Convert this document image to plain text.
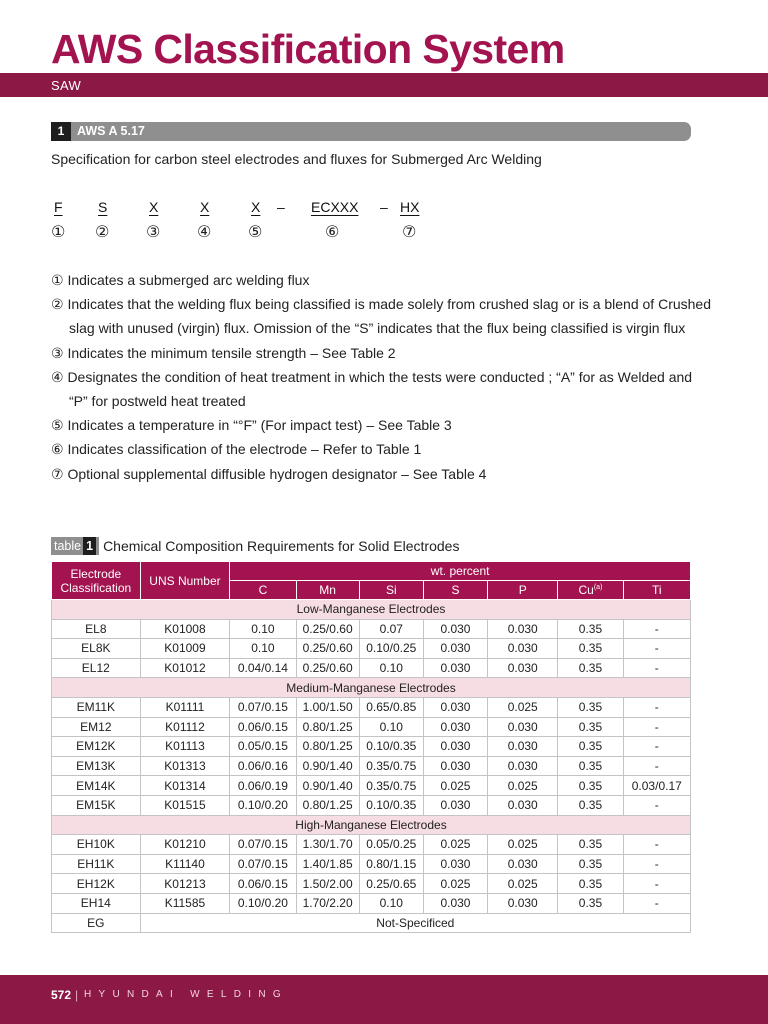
AWS Classification System
SAW
1	AWS A 5.17
Specification for carbon steel electrodes and fluxes for Submerged Arc Welding
F	S	X	X	X – ECXXX – HX
① ② ③ ④ ⑤	⑥	⑦
① Indicates a submerged arc welding flux
② Indicates that the welding flux being classified is made solely from crushed slag or is a blend of Crushed slag with unused (virgin) flux. Omission of the “S” indicates that the flux being classified is virgin flux
③ Indicates the minimum tensile strength – See Table 2
④ Designates the condition of heat treatment in which the tests were conducted ; “A” for as Welded and “P” for postweld heat treated
⑤ Indicates a temperature in “°F” (For impact test) – See Table 3
⑥ Indicates classification of the electrode – Refer to Table 1
⑦ Optional supplemental diffusible hydrogen designator – See Table 4
table 1 Chemical Composition Requirements for Solid Electrodes
Electrode Classification	UNS Number	wt. percent						
		C	Mn	Si	S	P	Cu$^{(a)}$	Ti
Low-Manganese Electrodes								
EL8	K01008	0.10	0.25/0.60	0.07	0.030	0.030	0.35	-
EL8K	K01009	0.10	0.25/0.60	0.10/0.25	0.030	0.030	0.35	-
EL12	K01012	0.04/0.14	0.25/0.60	0.10	0.030	0.030	0.35	-
Medium-Manganese Electrodes								
EM11K	K01111	0.07/0.15	1.00/1.50	0.65/0.85	0.030	0.025	0.35	-
EM12	K01112	0.06/0.15	0.80/1.25	0.10	0.030	0.030	0.35	-
EM12K	K01113	0.05/0.15	0.80/1.25	0.10/0.35	0.030	0.030	0.35	-
EM13K	K01313	0.06/0.16	0.90/1.40	0.35/0.75	0.030	0.030	0.35	-
EM14K	K01314	0.06/0.19	0.90/1.40	0.35/0.75	0.025	0.025	0.35	0.03/0.17
EM15K	K01515	0.10/0.20	0.80/1.25	0.10/0.35	0.030	0.030	0.35	-
High-Manganese Electrodes								
EH10K	K01210	0.07/0.15	1.30/1.70	0.05/0.25	0.025	0.025	0.35	-
EH11K	K11140	0.07/0.15	1.40/1.85	0.80/1.15	0.030	0.030	0.35	-
EH12K	K01213	0.06/0.15	1.50/2.00	0.25/0.65	0.025	0.025	0.35	-
EH14	K11585	0.10/0.20	1.70/2.20	0.10	0.030	0.030	0.35	-
EG	Not-Specificed							
572 | HYUNDAI WELDING
